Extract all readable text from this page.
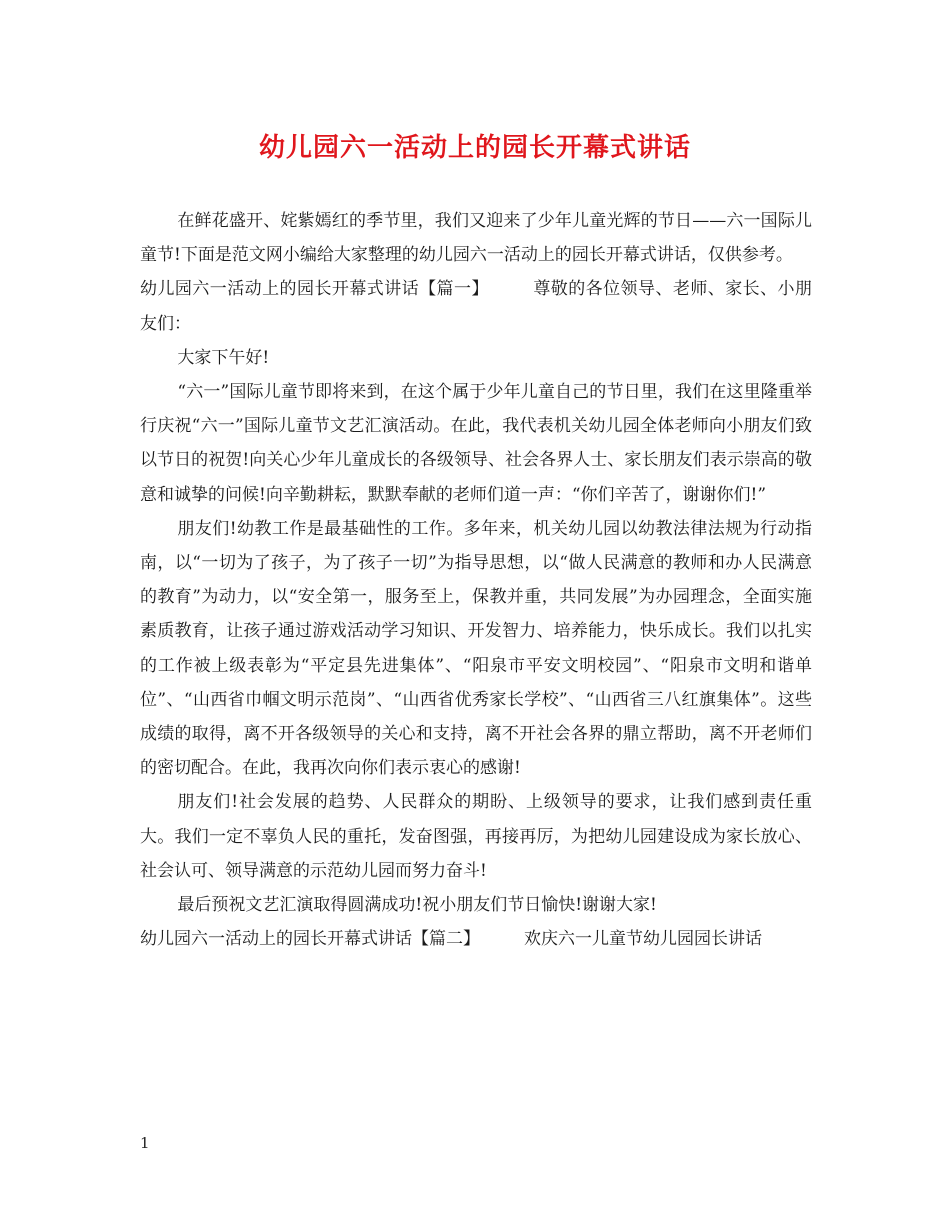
幼儿园六一活动上的园长开幕式讲话

在鲜花盛开、姹紫嫣红的季节里，我们又迎来了少年儿童光辉的节日——六一国际儿童节!下面是范文网小编给大家整理的幼儿园六一活动上的园长开幕式讲话，仅供参考。

幼儿园六一活动上的园长开幕式讲话【篇一】	尊敬的各位领导、老师、家长、小朋友们：

大家下午好!

“六一”国际儿童节即将来到，在这个属于少年儿童自己的节日里，我们在这里隆重举行庆祝“六一”国际儿童节文艺汇演活动。在此，我代表机关幼儿园全体老师向小朋友们致以节日的祝贺!向关心少年儿童成长的各级领导、社会各界人士、家长朋友们表示崇高的敬意和诚挚的问候!向辛勤耕耘，默默奉献的老师们道一声：“你们辛苦了，谢谢你们!”

朋友们!幼教工作是最基础性的工作。多年来，机关幼儿园以幼教法律法规为行动指南，以“一切为了孩子，为了孩子一切”为指导思想，以“做人民满意的教师和办人民满意的教育”为动力，以“安全第一，服务至上，保教并重，共同发展”为办园理念，全面实施素质教育，让孩子通过游戏活动学习知识、开发智力、培养能力，快乐成长。我们以扎实的工作被上级表彰为“平定县先进集体”、“阳泉市平安文明校园”、“阳泉市文明和谐单位”、“山西省巾帼文明示范岗”、“山西省优秀家长学校”、“山西省三八红旗集体”。这些成绩的取得，离不开各级领导的关心和支持，离不开社会各界的鼎立帮助，离不开老师们的密切配合。在此，我再次向你们表示衷心的感谢!

朋友们!社会发展的趋势、人民群众的期盼、上级领导的要求，让我们感到责任重大。我们一定不辜负人民的重托，发奋图强，再接再厉，为把幼儿园建设成为家长放心、社会认可、领导满意的示范幼儿园而努力奋斗!

最后预祝文艺汇演取得圆满成功!祝小朋友们节日愉快!谢谢大家!

幼儿园六一活动上的园长开幕式讲话【篇二】	欢庆六一儿童节幼儿园园长讲话

1
